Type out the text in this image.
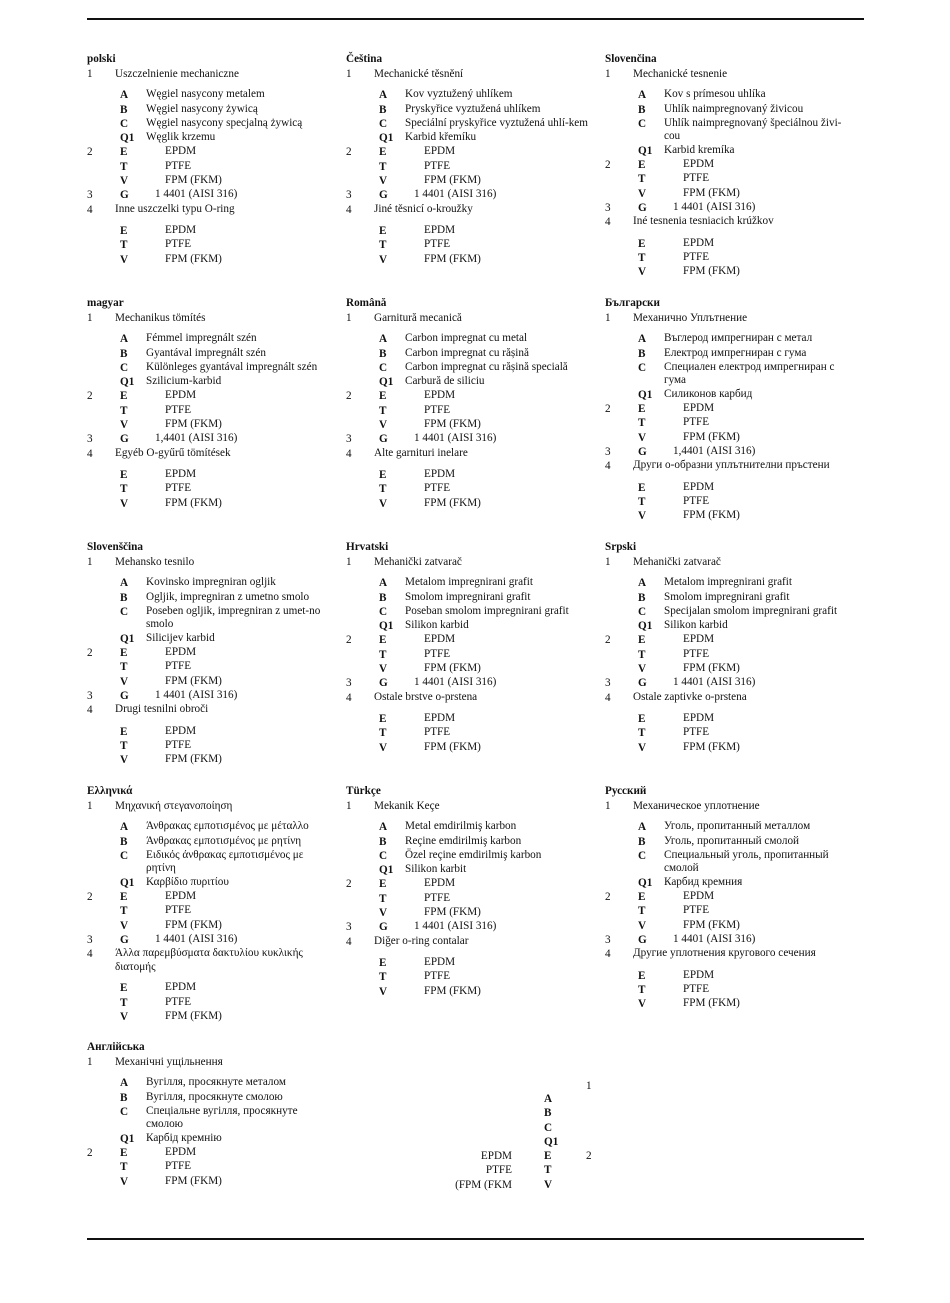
polski
1 Uszczelnienie mechaniczne
A Węgiel nasycony metalem
B Węgiel nasycony żywicą
C Węgiel nasycony specjalną żywicą
Q1 Węglik krzemu
2 E	EPDM
T	PTFE
V	FPM (FKM)
3 G 1 4401 (AISI 316)
4 Inne uszczelki typu O-ring
E	EPDM
T	PTFE
V	FPM (FKM)
Čeština
1 Mechanické těsnění
A Kov vyztužený uhlíkem
B Pryskyřice vyztužená uhlíkem
C Speciální pryskyřice vyztužená uhlí-kem
Q1 Karbid křemíku
2 E	EPDM
T	PTFE
V	FPM (FKM)
3 G 1 4401 (AISI 316)
4 Jiné těsnicí o-kroužky
E	EPDM
T	PTFE
V	FPM (FKM)
Slovenčina
1 Mechanické tesnenie
A Kov s prímesou uhlíka
B Uhlík naimpregnovaný živicou
C Uhlík naimpregnovaný špeciálnou živi-cou
Q1 Karbid kremíka
2 E	EPDM
T	PTFE
V	FPM (FKM)
3 G 1 4401 (AISI 316)
4 Iné tesnenia tesniacich krúžkov
E	EPDM
T	PTFE
V	FPM (FKM)
magyar
1 Mechanikus tömítés
A Fémmel impregnált szén
B Gyantával impregnált szén
C Különleges gyantával impregnált szén
Q1 Szilicium-karbid
2 E	EPDM
T	PTFE
V	FPM (FKM)
3 G 1,4401 (AISI 316)
4 Egyéb O-gyűrű tömítések
E	EPDM
T	PTFE
V	FPM (FKM)
Română
1 Garnitură mecanică
A Carbon impregnat cu metal
B Carbon impregnat cu rășină
C Carbon impregnat cu rășină specială
Q1 Carbură de siliciu
2 E	EPDM
T	PTFE
V	FPM (FKM)
3 G 1 4401 (AISI 316)
4 Alte garnituri inelare
E	EPDM
T	PTFE
V	FPM (FKM)
Български
1 Механично Уплътнение
A Въглерод импрегниран с метал
B Електрод импрегниран с гума
C Специален електрод импрегниран с гума
Q1 Силиконов карбид
2 E	EPDM
T	PTFE
V	FPM (FKM)
3 G 1,4401 (AISI 316)
4 Други о-образни уплътнителни пръстени
E	EPDM
T	PTFE
V	FPM (FKM)
Slovenščina
1 Mehansko tesnilo
A Kovinsko impregniran ogljik
B Ogljik, impregniran z umetno smolo
C Poseben ogljik, impregniran z umet-no smolo
Q1 Silicijev karbid
2 E	EPDM
T	PTFE
V	FPM (FKM)
3 G 1 4401 (AISI 316)
4 Drugi tesnilni obroči
E	EPDM
T	PTFE
V	FPM (FKM)
Hrvatski
1 Mehanički zatvarač
A Metalom impregnirani grafit
B Smolom impregnirani grafit
C Poseban smolom impregnirani grafit
Q1 Silikon karbid
2 E	EPDM
T	PTFE
V	FPM (FKM)
3 G 1 4401 (AISI 316)
4 Ostale brstve o-prstena
E	EPDM
T	PTFE
V	FPM (FKM)
Srpski
1 Mehanički zatvarač
A Metalom impregnirani grafit
B Smolom impregnirani grafit
C Specijalan smolom impregnirani grafit
Q1 Silikon karbid
2 E	EPDM
T	PTFE
V	FPM (FKM)
3 G 1 4401 (AISI 316)
4 Ostale zaptivke o-prstena
E	EPDM
T	PTFE
V	FPM (FKM)
Ελληνικά
1 Μηχανική στεγανοποίηση
A Άνθρακας εμποτισμένος με μέταλλο
B Άνθρακας εμποτισμένος με ρητίνη
C Ειδικός άνθρακας εμποτισμένος με ρητίνη
Q1 Καρβίδιο πυριτίου
2 E	EPDM
T	PTFE
V	FPM (FKM)
3 G 1 4401 (AISI 316)
4 Άλλα παρεμβύσματα δακτυλίου κυκλικής διατομής
E	EPDM
T	PTFE
V	FPM (FKM)
Türkçe
1 Mekanik Keçe
A Metal emdirilmiş karbon
B Reçine emdirilmiş karbon
C Özel reçine emdirilmiş karbon
Q1 Silikon karbit
2 E	EPDM
T	PTFE
V	FPM (FKM)
3 G 1 4401 (AISI 316)
4 Diğer o-ring contalar
E	EPDM
T	PTFE
V	FPM (FKM)
Русский
1 Механическое уплотнение
A Уголь, пропитанный металлом
B Уголь, пропитанный смолой
C Специальный уголь, пропитанный смолой
Q1 Карбид кремния
2 E	EPDM
T	PTFE
V	FPM (FKM)
3 G 1 4401 (AISI 316)
4 Другие уплотнения кругового сечения
E	EPDM
T	PTFE
V	FPM (FKM)
Англійська
1 Механічні ущільнення
A Вугілля, просякнуте металом
B Вугілля, просякнуте смолою
C Спеціальне вугілля, просякнуте смолою
Q1 Карбід кремнію
2 E	EPDM
T	PTFE
V	FPM (FKM)
1
A
B
C
Q1
EPDM	E	2
PTFE	T
(FPM (FKM	V
